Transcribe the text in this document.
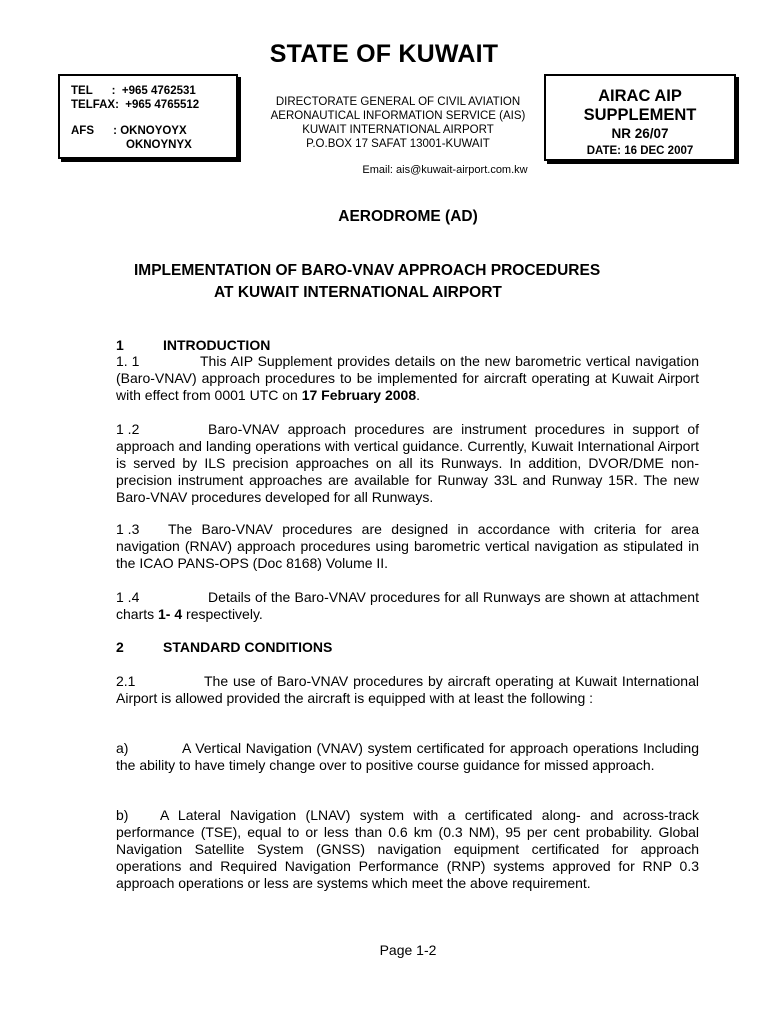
STATE OF KUWAIT
TEL      :  +965 4762531
TELFAX:  +965 4765512
AFS      : OKNOYOYX
OKNOYNYX
DIRECTORATE GENERAL OF CIVIL AVIATION
AERONAUTICAL INFORMATION SERVICE (AIS)
KUWAIT INTERNATIONAL AIRPORT
P.O.BOX 17 SAFAT 13001-KUWAIT
AIRAC AIP
SUPPLEMENT
NR 26/07
DATE: 16 DEC 2007
Email: ais@kuwait-airport.com.kw
AERODROME (AD)
IMPLEMENTATION OF BARO-VNAV APPROACH PROCEDURES
AT KUWAIT INTERNATIONAL AIRPORT
1	INTRODUCTION
1. 1	This AIP Supplement provides details on the new barometric vertical navigation (Baro-VNAV) approach procedures to be implemented for aircraft operating at Kuwait Airport with effect from 0001 UTC on 17 February 2008.
1 .2	Baro-VNAV approach procedures are instrument procedures in support of approach and landing operations with vertical guidance. Currently, Kuwait International Airport is served by ILS precision approaches on all its Runways. In addition, DVOR/DME non-precision instrument approaches are available for Runway 33L and Runway 15R. The new Baro-VNAV procedures developed for all Runways.
1 .3 The Baro-VNAV procedures are designed in accordance with criteria for area navigation (RNAV) approach procedures using barometric vertical navigation as stipulated in the ICAO PANS-OPS (Doc 8168) Volume II.
1 .4	Details of the Baro-VNAV procedures for all Runways are shown at attachment charts 1- 4 respectively.
2	STANDARD CONDITIONS
2.1	The use of Baro-VNAV procedures by aircraft operating at Kuwait International Airport is allowed provided the aircraft is equipped with at least the following :
a)	A Vertical Navigation (VNAV) system certificated for approach operations Including the ability to have timely change over to positive course guidance for missed approach.
b) A Lateral Navigation (LNAV) system with a certificated along- and across-track performance (TSE), equal to or less than 0.6 km (0.3 NM), 95 per cent probability. Global Navigation Satellite System (GNSS) navigation equipment certificated for approach operations and Required Navigation Performance (RNP) systems approved for RNP 0.3 approach operations or less are systems which meet the above requirement.
Page 1-2
